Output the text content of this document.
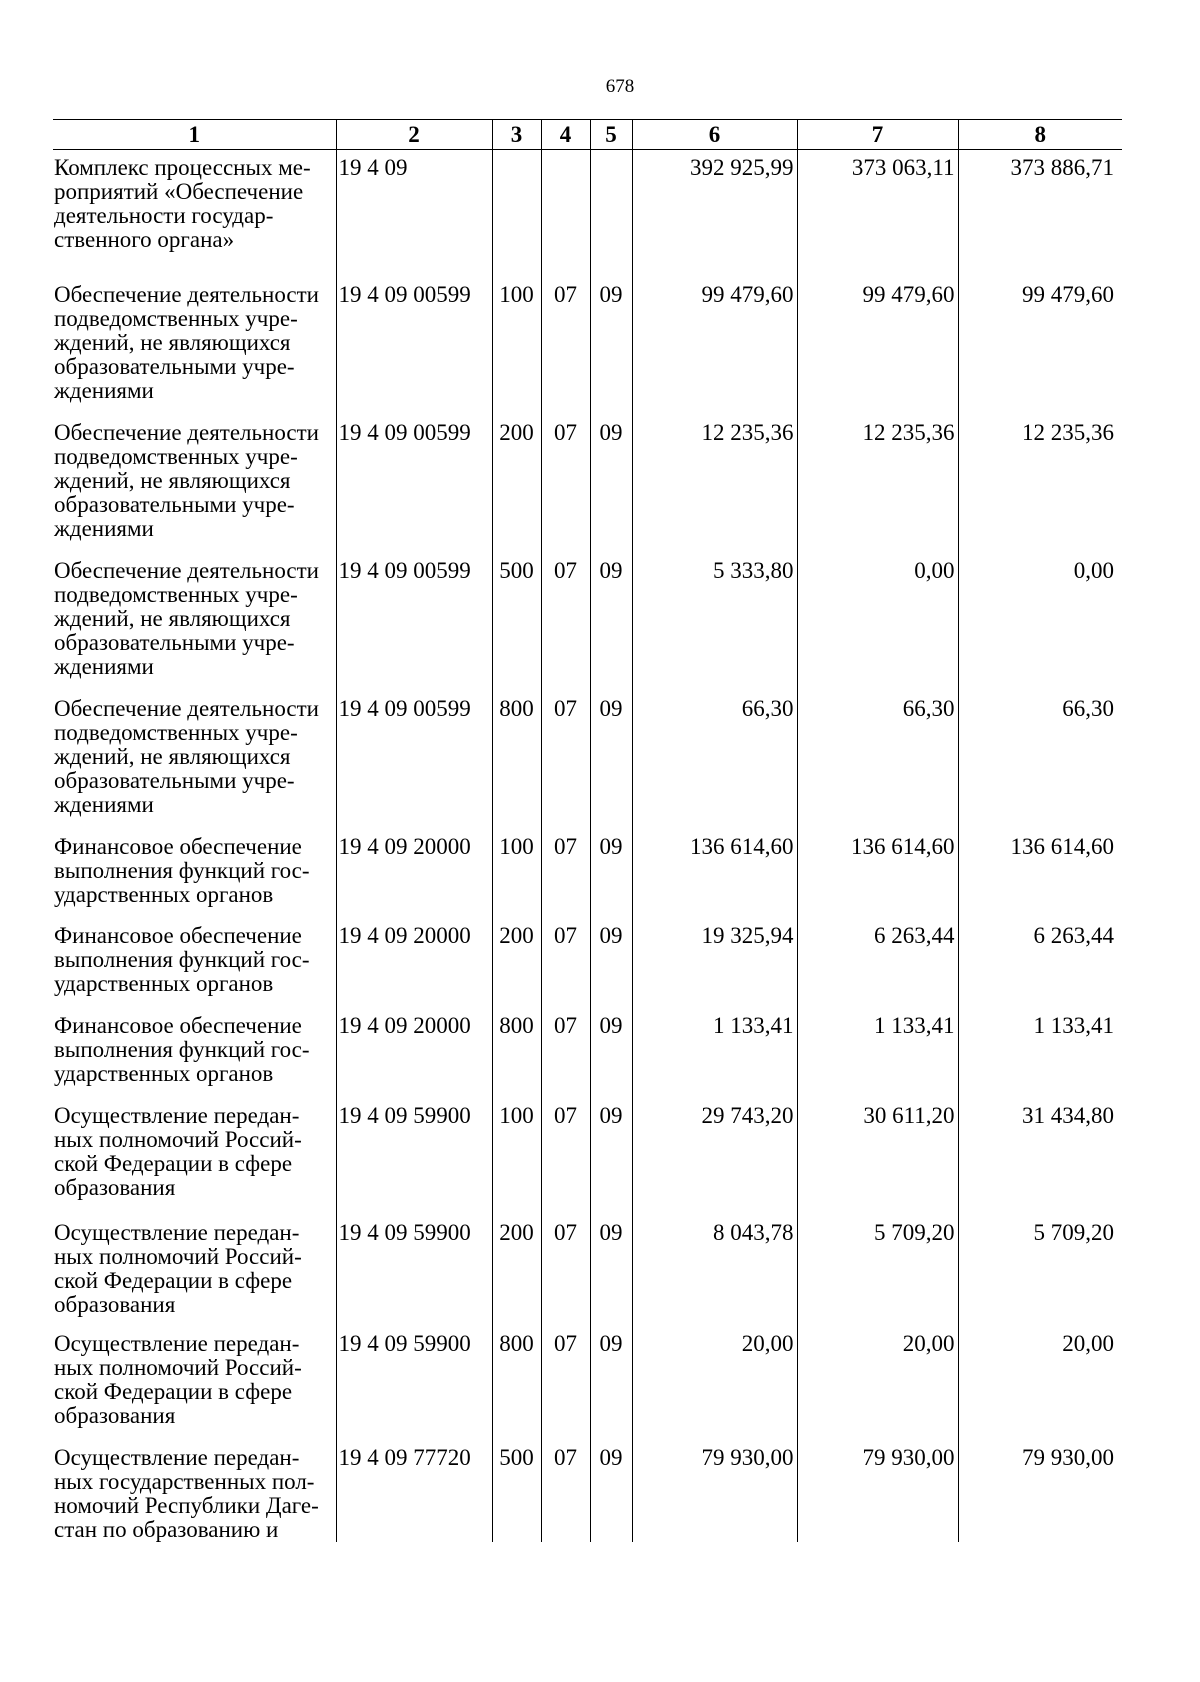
678
1	2	3	4	5	6	7	8

Комплекс процессных ме-
роприятий «Обеспечение
деятельности государ-
ственного органа»	19 4 09				392 925,99	373 063,11	373 886,71

Обеспечение деятельности
подведомственных учре-
ждений, не являющихся
образовательными учре-
ждениями	19 4 09 00599	100	07	09	99 479,60	99 479,60	99 479,60

Обеспечение деятельности
подведомственных учре-
ждений, не являющихся
образовательными учре-
ждениями	19 4 09 00599	200	07	09	12 235,36	12 235,36	12 235,36

Обеспечение деятельности
подведомственных учре-
ждений, не являющихся
образовательными учре-
ждениями	19 4 09 00599	500	07	09	5 333,80	0,00	0,00

Обеспечение деятельности
подведомственных учре-
ждений, не являющихся
образовательными учре-
ждениями	19 4 09 00599	800	07	09	66,30	66,30	66,30

Финансовое обеспечение
выполнения функций гос-
ударственных органов	19 4 09 20000	100	07	09	136 614,60	136 614,60	136 614,60

Финансовое обеспечение
выполнения функций гос-
ударственных органов	19 4 09 20000	200	07	09	19 325,94	6 263,44	6 263,44

Финансовое обеспечение
выполнения функций гос-
ударственных органов	19 4 09 20000	800	07	09	1 133,41	1 133,41	1 133,41

Осуществление передан-
ных полномочий Россий-
ской Федерации в сфере
образования	19 4 09 59900	100	07	09	29 743,20	30 611,20	31 434,80

Осуществление передан-
ных полномочий Россий-
ской Федерации в сфере
образования	19 4 09 59900	200	07	09	8 043,78	5 709,20	5 709,20

Осуществление передан-
ных полномочий Россий-
ской Федерации в сфере
образования	19 4 09 59900	800	07	09	20,00	20,00	20,00

Осуществление передан-
ных государственных пол-
номочий Республики Даге-
стан по образованию и	19 4 09 77720	500	07	09	79 930,00	79 930,00	79 930,00
